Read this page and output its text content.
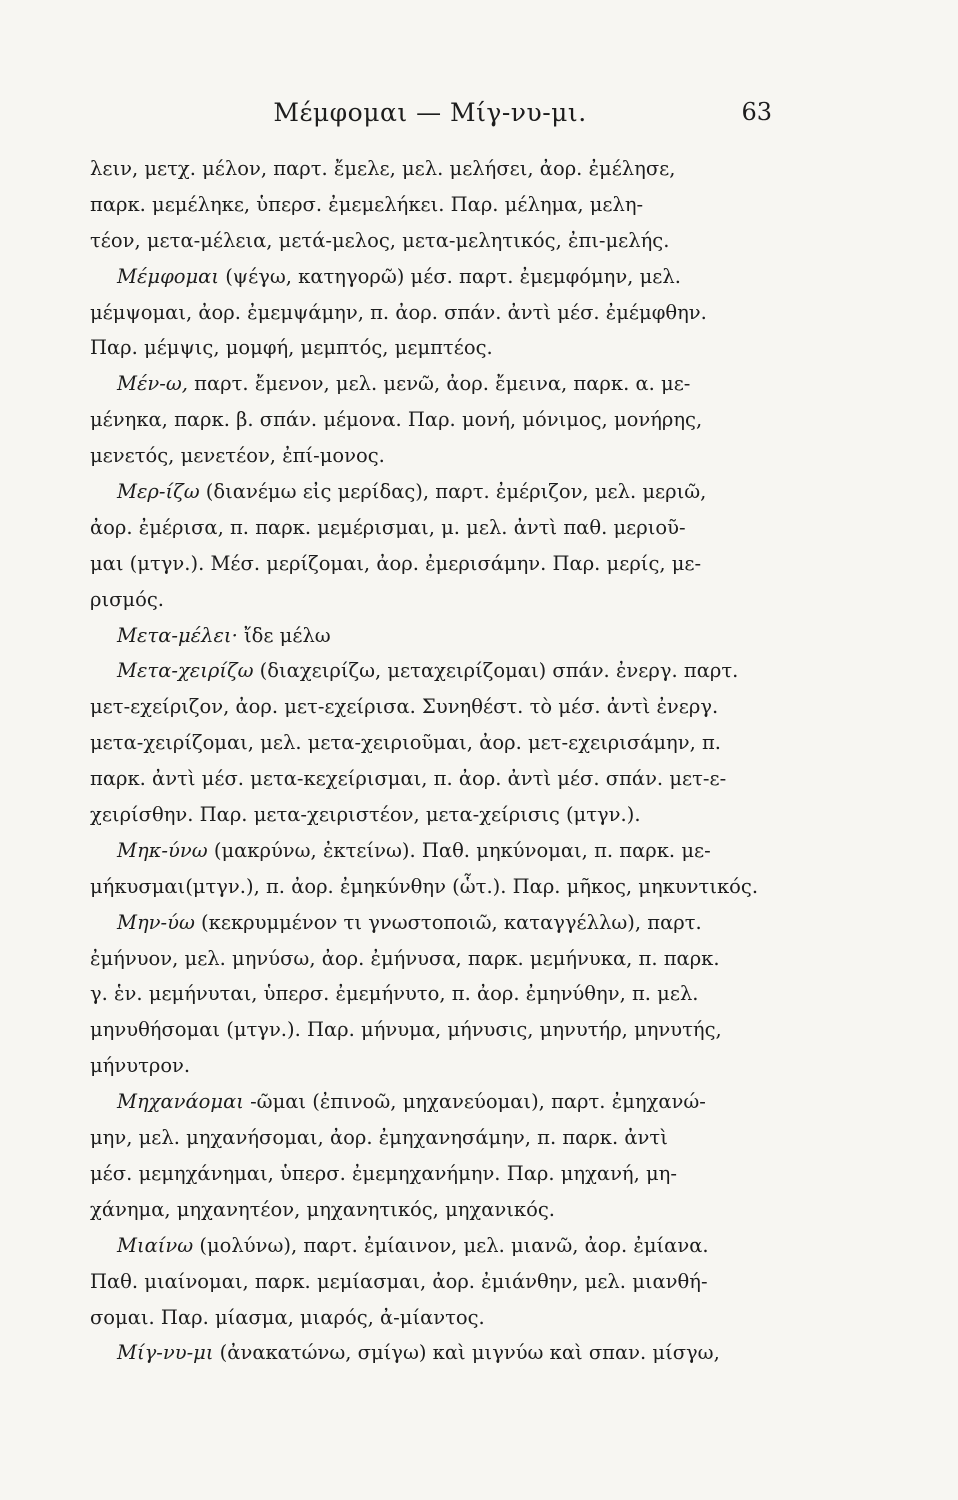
Μέμφομαι — Μίγ-νυ-μι.	63
λειν, μετχ. μέλον, παρτ. ἔμελε, μελ. μελήσει, ἀορ. ἐμέλησε,
παρκ. μεμέληκε, ὑπερσ. ἐμεμελήκει. Παρ. μέλημα, μελη-
τέον, μετα-μέλεια, μετά-μελος, μετα-μελητικός, ἐπι-μελής.
Μέμφομαι (ψέγω, κατηγορῶ) μέσ. παρτ. ἐμεμφόμην, μελ.
μέμψομαι, ἀορ. ἐμεμψάμην, π. ἀορ. σπάν. ἀντὶ μέσ. ἐμέμφθην.
Παρ. μέμψις, μομφή, μεμπτός, μεμπτέος.
Μέν-ω, παρτ. ἔμενον, μελ. μενῶ, ἀορ. ἔμεινα, παρκ. α. με-
μένηκα, παρκ. β. σπάν. μέμονα. Παρ. μονή, μόνιμος, μονήρης,
μενετός, μενετέον, ἐπί-μονος.
Μερ-ίζω (διανέμω εἰς μερίδας), παρτ. ἐμέριζον, μελ. μεριῶ,
ἀορ. ἐμέρισα, π. παρκ. μεμέρισμαι, μ. μελ. ἀντὶ παθ. μεριοῦ-
μαι (μτγν.). Μέσ. μερίζομαι, ἀορ. ἐμερισάμην. Παρ. μερίς, με-
ρισμός.
Μετα-μέλει· ἴδε μέλω
Μετα-χειρίζω (διαχειρίζω, μεταχειρίζομαι) σπάν. ἐνεργ. παρτ.
μετ-εχείριζον, ἀορ. μετ-εχείρισα. Συνηθέστ. τὸ μέσ. ἀντὶ ἐνεργ.
μετα-χειρίζομαι, μελ. μετα-χειριοῦμαι, ἀορ. μετ-εχειρισάμην, π.
παρκ. ἀντὶ μέσ. μετα-κεχείρισμαι, π. ἀορ. ἀντὶ μέσ. σπάν. μετ-ε-
χειρίσθην. Παρ. μετα-χειριστέον, μετα-χείρισις (μτγν.).
Μηκ-ύνω (μακρύνω, ἐκτείνω). Παθ. μηκύνομαι, π. παρκ. με-
μήκυσμαι(μτγν.), π. ἀορ. ἐμηκύνθην (ὧτ.). Παρ. μῆκος, μηκυντικός.
Μην-ύω (κεκρυμμένον τι γνωστοποιῶ, καταγγέλλω), παρτ.
ἐμήνυον, μελ. μηνύσω, ἀορ. ἐμήνυσα, παρκ. μεμήνυκα, π. παρκ.
γ. ἑν. μεμήνυται, ὑπερσ. ἐμεμήνυτο, π. ἀορ. ἐμηνύθην, π. μελ.
μηνυθήσομαι (μτγν.). Παρ. μήνυμα, μήνυσις, μηνυτήρ, μηνυτής,
μήνυτρον.
Μηχανάομαι -ῶμαι (ἐπινοῶ, μηχανεύομαι), παρτ. ἐμηχανώ-
μην, μελ. μηχανήσομαι, ἀορ. ἐμηχανησάμην, π. παρκ. ἀντὶ
μέσ. μεμηχάνημαι, ὑπερσ. ἐμεμηχανήμην. Παρ. μηχανή, μη-
χάνημα, μηχανητέον, μηχανητικός, μηχανικός.
Μιαίνω (μολύνω), παρτ. ἐμίαινον, μελ. μιανῶ, ἀορ. ἐμίανα.
Παθ. μιαίνομαι, παρκ. μεμίασμαι, ἀορ. ἐμιάνθην, μελ. μιανθή-
σομαι. Παρ. μίασμα, μιαρός, ἀ-μίαντος.
Μίγ-νυ-μι (ἀνακατώνω, σμίγω) καὶ μιγνύω καὶ σπαν. μίσγω,
